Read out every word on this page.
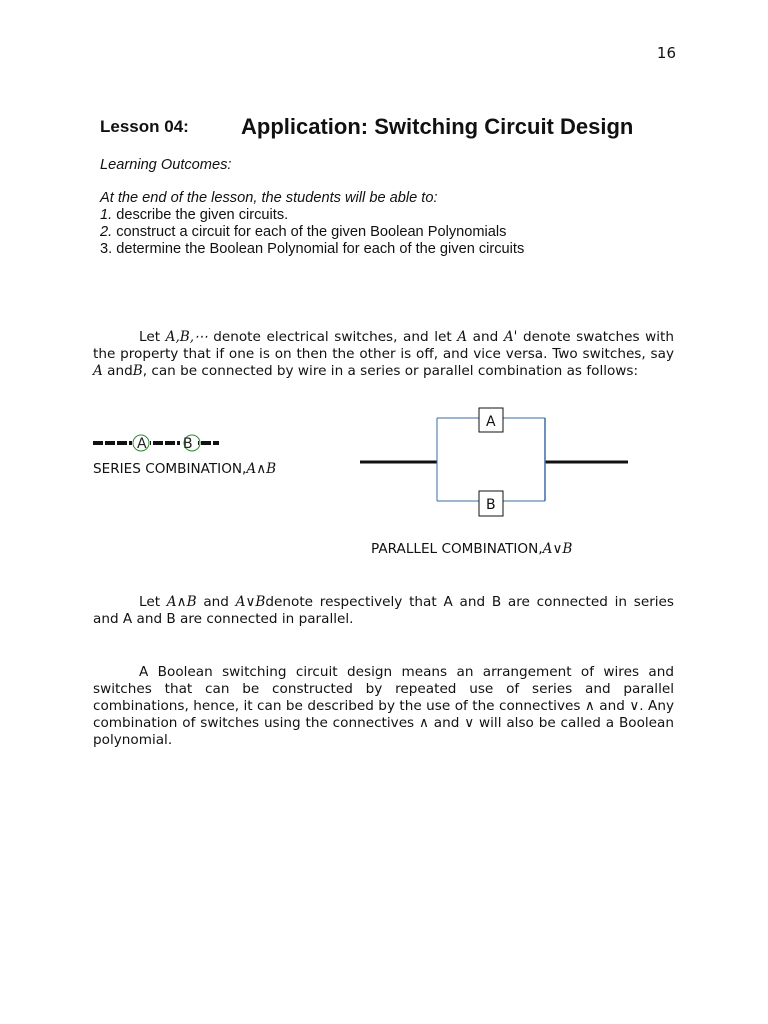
16
Lesson 04: Application: Switching Circuit Design
Learning Outcomes:
At the end of the lesson, the students will be able to:
1. describe the given circuits.
2. construct a circuit for each of the given Boolean Polynomials
3. determine the Boolean Polynomial for each of the given circuits
Let A,B,⋯ denote electrical switches, and let A and A' denote swatches with the property that if one is on then the other is off, and vice versa. Two switches, say A andB, can be connected by wire in a series or parallel combination as follows:
A	B
SERIES COMBINATION,A∧B
A
B
PARALLEL COMBINATION,A∨B
Let A∧B and A∨Bdenote respectively that A and B are connected in series and A and B are connected in parallel.
A Boolean switching circuit design means an arrangement of wires and switches that can be constructed by repeated use of series and parallel combinations, hence, it can be described by the use of the connectives ∧ and ∨. Any combination of switches using the connectives ∧ and ∨ will also be called a Boolean polynomial.
